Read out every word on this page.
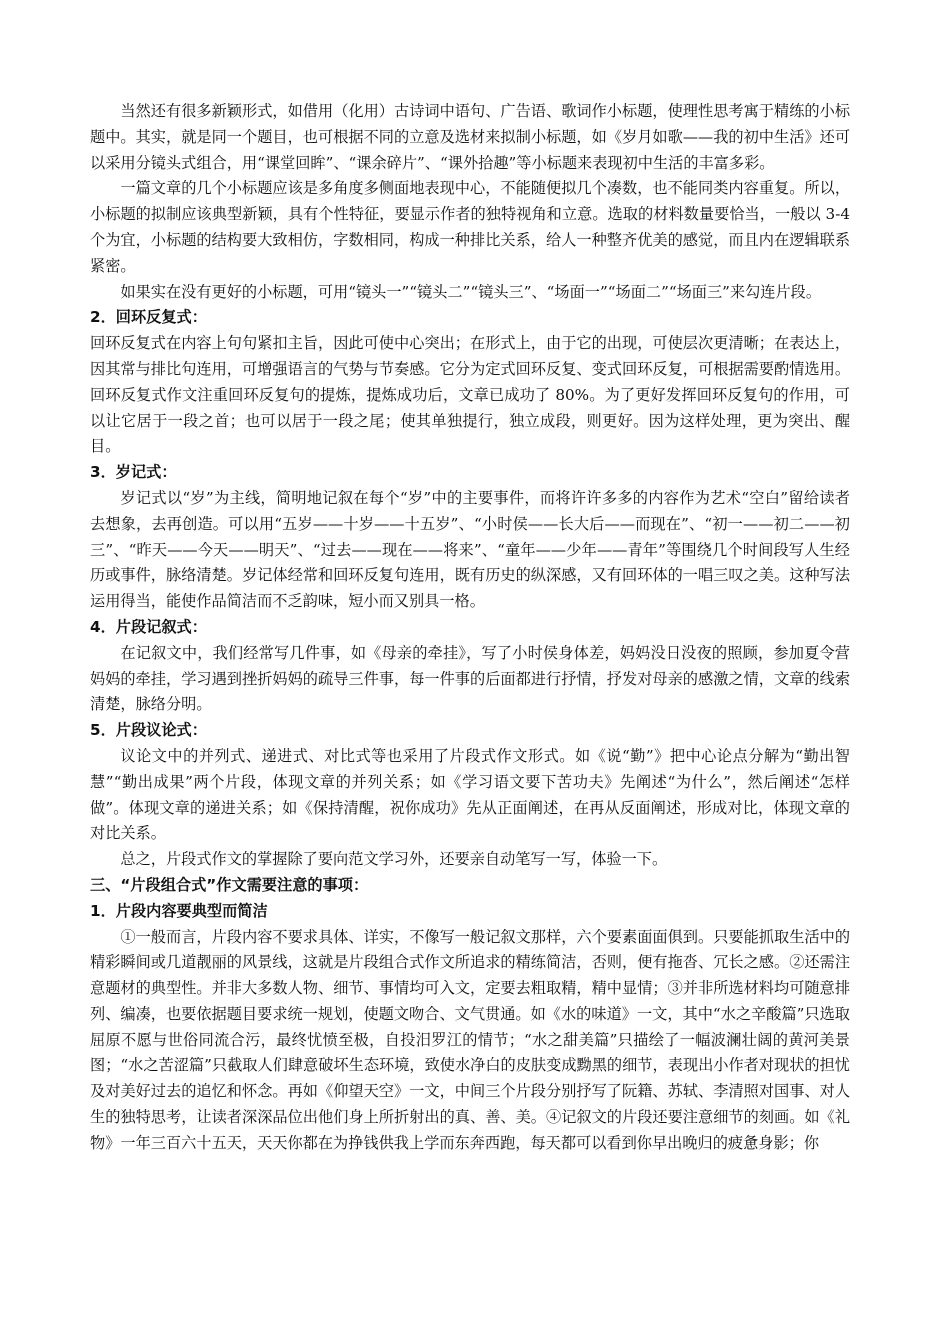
当然还有很多新颖形式，如借用（化用）古诗词中语句、广告语、歌词作小标题，使理性思考寓于精练的小标题中。其实，就是同一个题目，也可根据不同的立意及选材来拟制小标题，如《岁月如歌——我的初中生活》还可以采用分镜头式组合，用“课堂回眸”、“课余碎片”、“课外拾趣”等小标题来表现初中生活的丰富多彩。

一篇文章的几个小标题应该是多角度多侧面地表现中心，不能随便拟几个凑数，也不能同类内容重复。所以，小标题的拟制应该典型新颖，具有个性特征，要显示作者的独特视角和立意。选取的材料数量要恰当，一般以 3-4 个为宜，小标题的结构要大致相仿，字数相同，构成一种排比关系，给人一种整齐优美的感觉，而且内在逻辑联系紧密。

如果实在没有更好的小标题，可用“镜头一”“镜头二”“镜头三”、“场面一”“场面二”“场面三”来勾连片段。

2．回环反复式：

回环反复式在内容上句句紧扣主旨，因此可使中心突出；在形式上，由于它的出现，可使层次更清晰；在表达上，因其常与排比句连用，可增强语言的气势与节奏感。它分为定式回环反复、变式回环反复，可根据需要酌情选用。回环反复式作文注重回环反复句的提炼，提炼成功后，文章已成功了 80%。为了更好发挥回环反复句的作用，可以让它居于一段之首；也可以居于一段之尾；使其单独提行，独立成段，则更好。因为这样处理，更为突出、醒目。

3．岁记式：

岁记式以“岁”为主线，简明地记叙在每个“岁”中的主要事件，而将许许多多的内容作为艺术“空白”留给读者去想象，去再创造。可以用“五岁——十岁——十五岁”、“小时侯——长大后——而现在”、“初一——初二——初三”、“昨天——今天——明天”、“过去——现在——将来”、“童年——少年——青年”等围绕几个时间段写人生经历或事件，脉络清楚。岁记体经常和回环反复句连用，既有历史的纵深感，又有回环体的一唱三叹之美。这种写法运用得当，能使作品简洁而不乏韵味，短小而又别具一格。

4．片段记叙式：

在记叙文中，我们经常写几件事，如《母亲的牵挂》，写了小时侯身体差，妈妈没日没夜的照顾，参加夏令营妈妈的牵挂，学习遇到挫折妈妈的疏导三件事，每一件事的后面都进行抒情，抒发对母亲的感激之情，文章的线索清楚，脉络分明。

5．片段议论式：

议论文中的并列式、递进式、对比式等也采用了片段式作文形式。如《说“勤”》把中心论点分解为“勤出智慧”“勤出成果”两个片段，体现文章的并列关系；如《学习语文要下苦功夫》先阐述“为什么”，然后阐述“怎样做”。体现文章的递进关系；如《保持清醒，祝你成功》先从正面阐述，在再从反面阐述，形成对比，体现文章的对比关系。

总之，片段式作文的掌握除了要向范文学习外，还要亲自动笔写一写，体验一下。

三、“片段组合式”作文需要注意的事项：

1．片段内容要典型而简洁

①一般而言，片段内容不要求具体、详实，不像写一般记叙文那样，六个要素面面俱到。只要能抓取生活中的精彩瞬间或几道靓丽的风景线，这就是片段组合式作文所追求的精练简洁，否则，便有拖沓、冗长之感。②还需注意题材的典型性。并非大多数人物、细节、事情均可入文，定要去粗取精，精中显情；③并非所选材料均可随意排列、编凑，也要依据题目要求统一规划，使题文吻合、文气贯通。如《水的味道》一文，其中“水之辛酸篇”只选取屈原不愿与世俗同流合污，最终忧愤至极，自投汨罗江的情节；“水之甜美篇”只描绘了一幅波澜壮阔的黄河美景图；“水之苦涩篇”只截取人们肆意破坏生态环境，致使水净白的皮肤变成黝黑的细节，表现出小作者对现状的担忧及对美好过去的追忆和怀念。再如《仰望天空》一文，中间三个片段分别抒写了阮籍、苏轼、李清照对国事、对人生的独特思考，让读者深深品位出他们身上所折射出的真、善、美。④记叙文的片段还要注意细节的刻画。如《礼物》一年三百六十五天，天天你都在为挣钱供我上学而东奔西跑，每天都可以看到你早出晚归的疲惫身影；你
